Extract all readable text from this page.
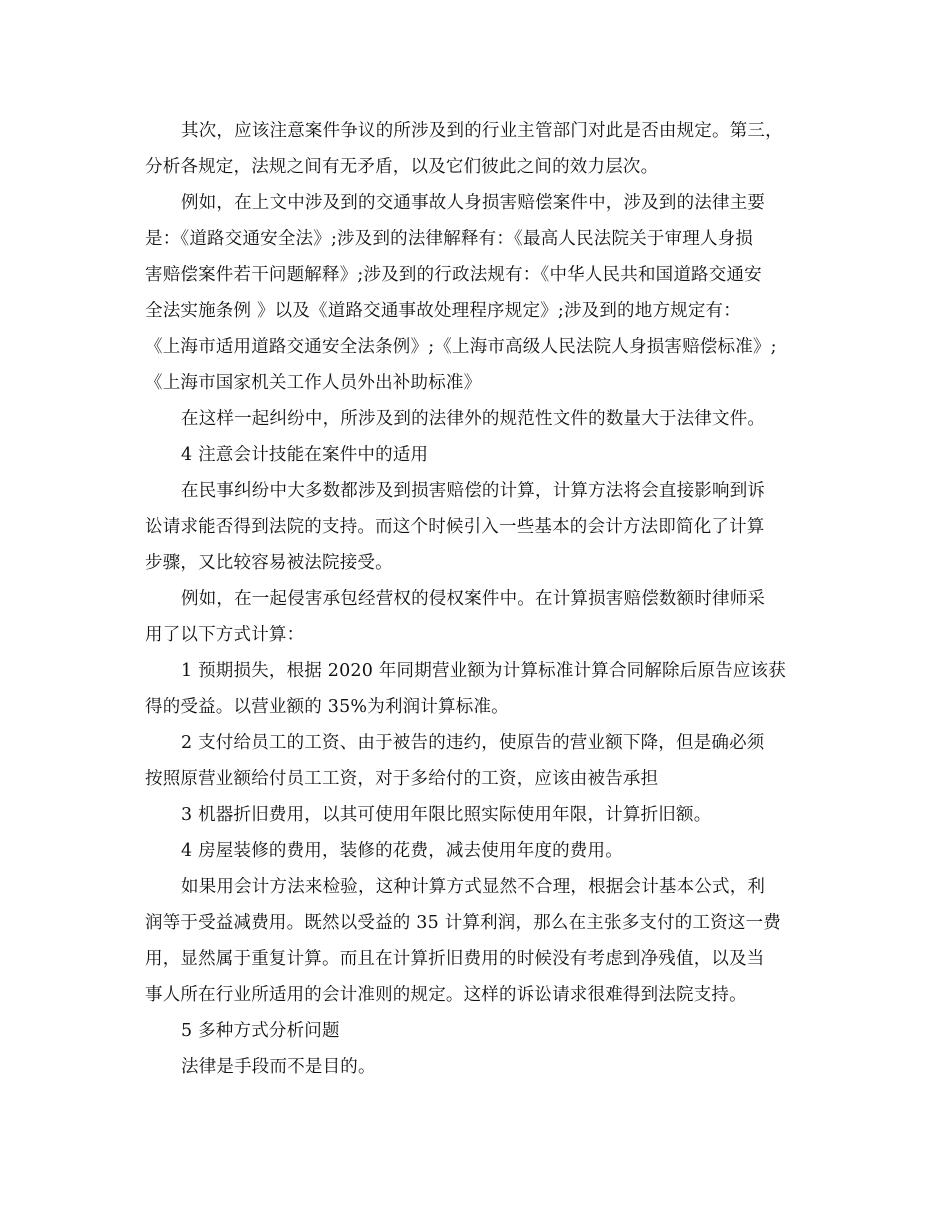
其次，应该注意案件争议的所涉及到的行业主管部门对此是否由规定。第三，
分析各规定，法规之间有无矛盾，以及它们彼此之间的效力层次。
例如，在上文中涉及到的交通事故人身损害赔偿案件中，涉及到的法律主要
是：《道路交通安全法》;涉及到的法律解释有：《最高人民法院关于审理人身损
害赔偿案件若干问题解释》;涉及到的行政法规有：《中华人民共和国道路交通安
全法实施条例 》以及《道路交通事故处理程序规定》;涉及到的地方规定有：
《上海市适用道路交通安全法条例》;《上海市高级人民法院人身损害赔偿标准》;
《上海市国家机关工作人员外出补助标准》
在这样一起纠纷中，所涉及到的法律外的规范性文件的数量大于法律文件。
4 注意会计技能在案件中的适用
在民事纠纷中大多数都涉及到损害赔偿的计算，计算方法将会直接影响到诉
讼请求能否得到法院的支持。而这个时候引入一些基本的会计方法即简化了计算
步骤，又比较容易被法院接受。
例如，在一起侵害承包经营权的侵权案件中。在计算损害赔偿数额时律师采
用了以下方式计算：
1 预期损失，根据 2020 年同期营业额为计算标准计算合同解除后原告应该获
得的受益。以营业额的 35%为利润计算标准。
2 支付给员工的工资、由于被告的违约，使原告的营业额下降，但是确必须
按照原营业额给付员工工资，对于多给付的工资，应该由被告承担
3 机器折旧费用，以其可使用年限比照实际使用年限，计算折旧额。
4 房屋装修的费用，装修的花费，减去使用年度的费用。
如果用会计方法来检验，这种计算方式显然不合理，根据会计基本公式，利
润等于受益减费用。既然以受益的 35 计算利润，那么在主张多支付的工资这一费
用，显然属于重复计算。而且在计算折旧费用的时候没有考虑到净残值，以及当
事人所在行业所适用的会计准则的规定。这样的诉讼请求很难得到法院支持。
5 多种方式分析问题
法律是手段而不是目的。
